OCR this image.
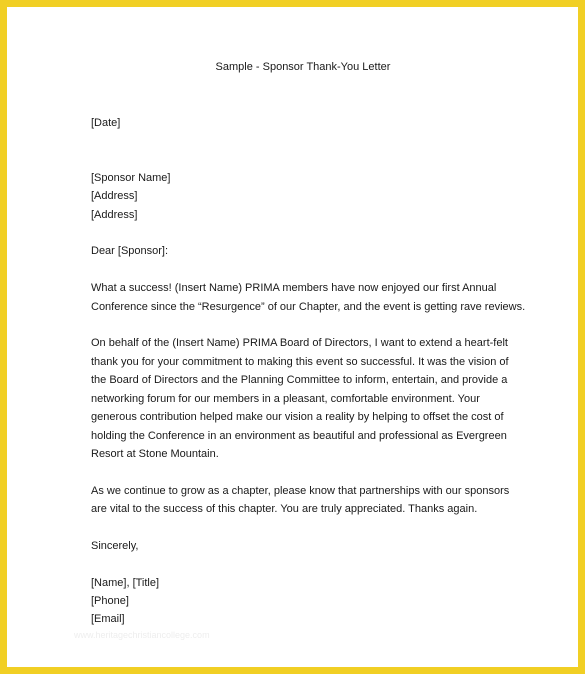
Sample - Sponsor Thank-You Letter
[Date]
[Sponsor Name]
[Address]
[Address]
Dear [Sponsor]:
What a success! (Insert Name) PRIMA members have now enjoyed our first Annual
Conference since the “Resurgence” of our Chapter, and the event is getting rave reviews.
On behalf of the (Insert Name) PRIMA Board of Directors, I want to extend a heart-felt
thank you for your commitment to making this event so successful. It was the vision of
the Board of Directors and the Planning Committee to inform, entertain, and provide a
networking forum for our members in a pleasant, comfortable environment. Your
generous contribution helped make our vision a reality by helping to offset the cost of
holding the Conference in an environment as beautiful and professional as Evergreen
Resort at Stone Mountain.
As we continue to grow as a chapter, please know that partnerships with our sponsors
are vital to the success of this chapter. You are truly appreciated. Thanks again.
Sincerely,
[Name], [Title]
[Phone]
[Email]
www.heritagechristiancollege.com
